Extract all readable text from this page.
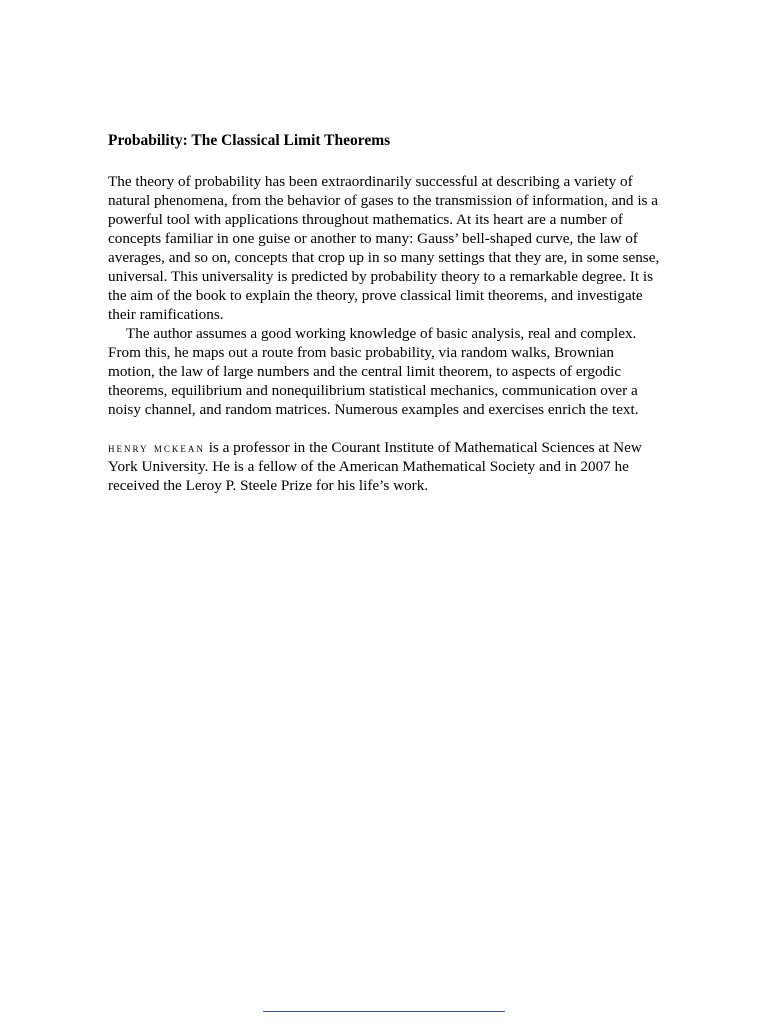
Probability: The Classical Limit Theorems

The theory of probability has been extraordinarily successful at describing a variety of natural phenomena, from the behavior of gases to the transmission of information, and is a powerful tool with applications throughout mathematics. At its heart are a number of concepts familiar in one guise or another to many: Gauss’ bell-shaped curve, the law of averages, and so on, concepts that crop up in so many settings that they are, in some sense, universal. This universality is predicted by probability theory to a remarkable degree. It is the aim of the book to explain the theory, prove classical limit theorems, and investigate their ramifications.

The author assumes a good working knowledge of basic analysis, real and complex. From this, he maps out a route from basic probability, via random walks, Brownian motion, the law of large numbers and the central limit theorem, to aspects of ergodic theorems, equilibrium and nonequilibrium statistical mechanics, communication over a noisy channel, and random matrices. Numerous examples and exercises enrich the text.

henry mckean is a professor in the Courant Institute of Mathematical Sciences at New York University. He is a fellow of the American Mathematical Society and in 2007 he received the Leroy P. Steele Prize for his life’s work.
